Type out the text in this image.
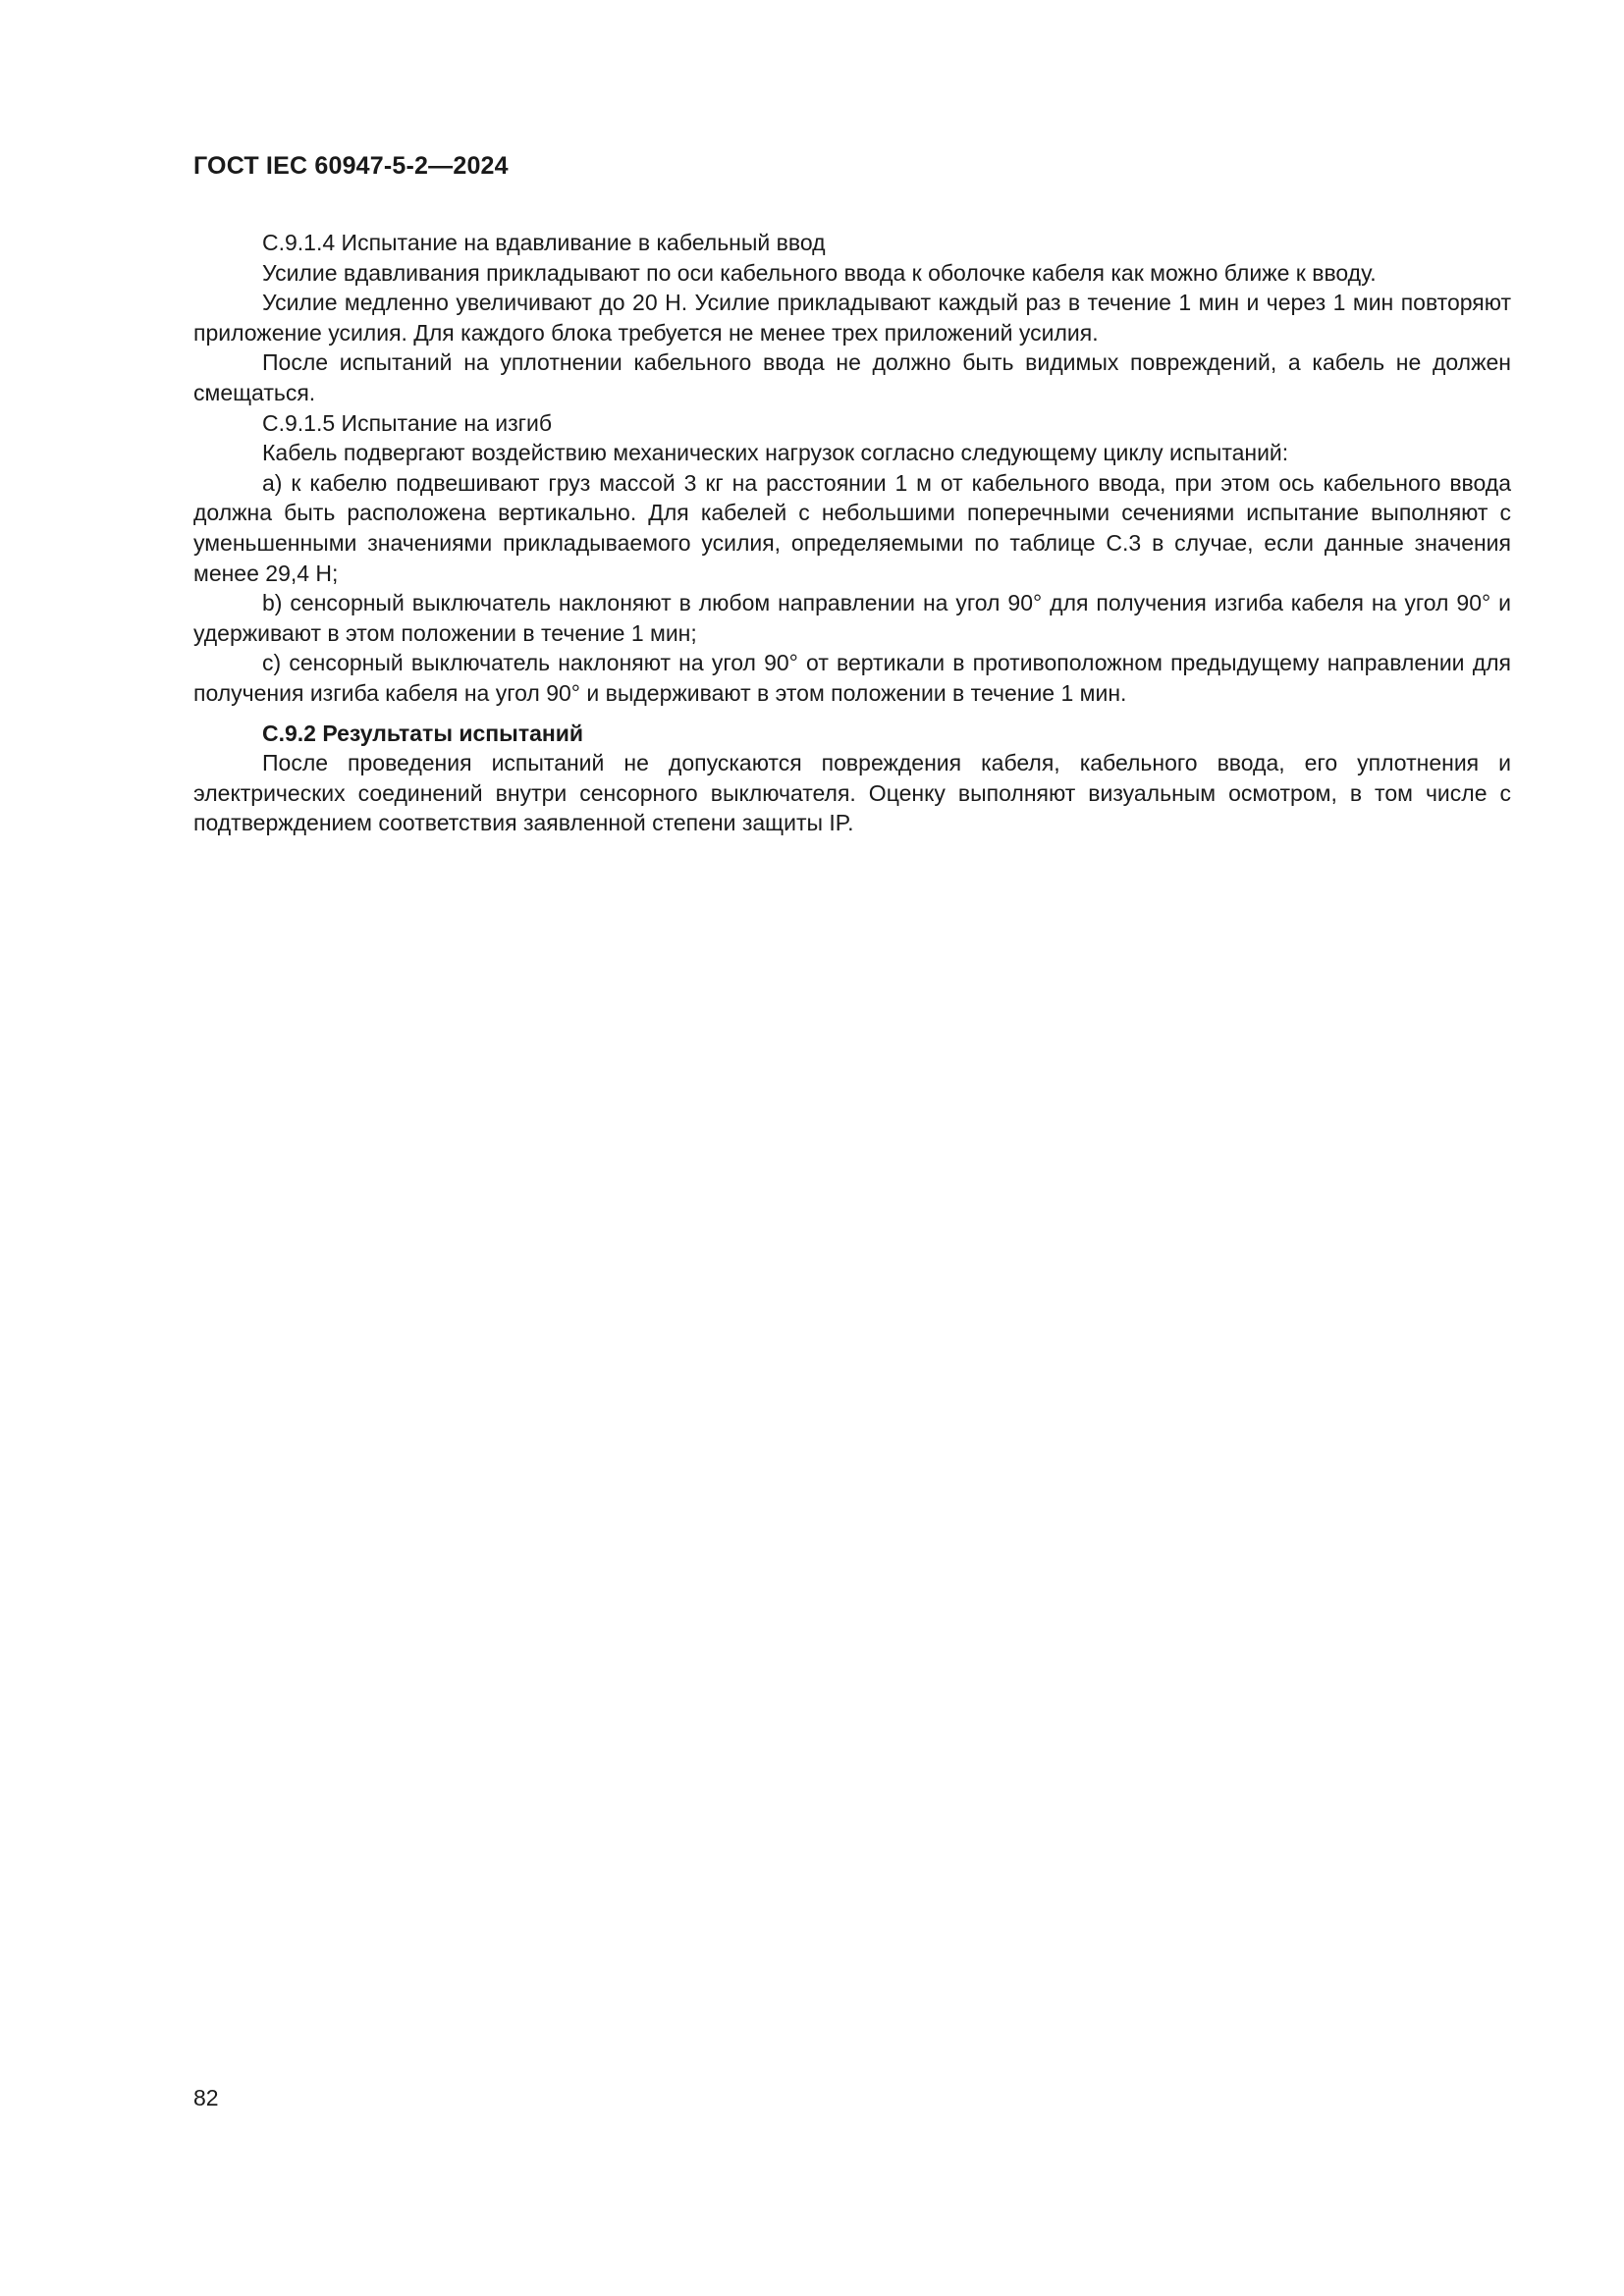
ГОСТ IEC 60947-5-2—2024

С.9.1.4 Испытание на вдавливание в кабельный ввод

Усилие вдавливания прикладывают по оси кабельного ввода к оболочке кабеля как можно ближе к вводу.

Усилие медленно увеличивают до 20 Н. Усилие прикладывают каждый раз в течение 1 мин и через 1 мин повторяют приложение усилия. Для каждого блока требуется не менее трех приложений усилия.

После испытаний на уплотнении кабельного ввода не должно быть видимых повреждений, а кабель не должен смещаться.

С.9.1.5 Испытание на изгиб

Кабель подвергают воздействию механических нагрузок согласно следующему циклу испытаний:

a) к кабелю подвешивают груз массой 3 кг на расстоянии 1 м от кабельного ввода, при этом ось кабельного ввода должна быть расположена вертикально. Для кабелей с небольшими поперечными сечениями испытание выполняют с уменьшенными значениями прикладываемого усилия, определяемыми по таблице С.3 в случае, если данные значения менее 29,4 Н;

b) сенсорный выключатель наклоняют в любом направлении на угол 90° для получения изгиба кабеля на угол 90° и удерживают в этом положении в течение 1 мин;

c) сенсорный выключатель наклоняют на угол 90° от вертикали в противоположном предыдущему направлении для получения изгиба кабеля на угол 90° и выдерживают в этом положении в течение 1 мин.

С.9.2 Результаты испытаний

После проведения испытаний не допускаются повреждения кабеля, кабельного ввода, его уплотнения и электрических соединений внутри сенсорного выключателя. Оценку выполняют визуальным осмотром, в том числе с подтверждением соответствия заявленной степени защиты IP.

82
